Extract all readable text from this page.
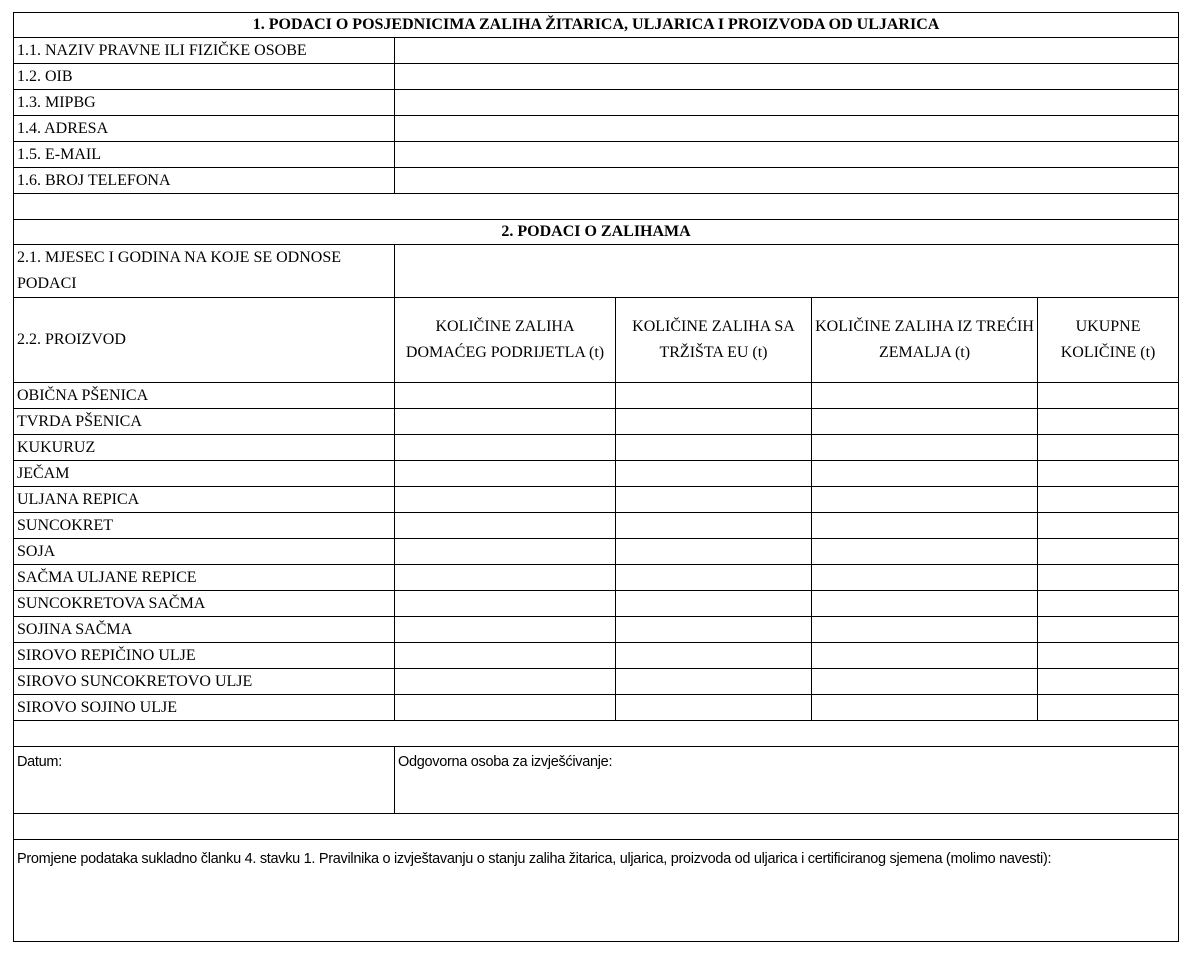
1. PODACI O POSJEDNICIMA ZALIHA ŽITARICA, ULJARICA I PROIZVODA OD ULJARICA				
1.1. NAZIV PRAVNE ILI FIZIČKE OSOBE				
1.2. OIB				
1.3. MIPBG				
1.4. ADRESA				
1.5. E-MAIL				
1.6. BROJ TELEFONA				

2. PODACI O ZALIHAMA				
2.1. MJESEC I GODINA NA KOJE SE ODNOSE PODACI				
2.2. PROIZVOD	KOLIČINE ZALIHA DOMAĆEG PODRIJETLA (t)	KOLIČINE ZALIHA SA TRŽIŠTA EU (t)	KOLIČINE ZALIHA IZ TREĆIH ZEMALJA (t)	UKUPNE KOLIČINE (t)
OBIČNA PŠENICA				
TVRDA PŠENICA				
KUKURUZ				
JEČAM				
ULJANA REPICA				
SUNCOKRET				
SOJA				
SAČMA ULJANE REPICE				
SUNCOKRETOVA SAČMA				
SOJINA SAČMA				
SIROVO REPIČINO ULJE				
SIROVO SUNCOKRETOVO ULJE				
SIROVO SOJINO ULJE				

Datum:	Odgovorna osoba za izvješćivanje:			

Promjene podataka sukladno članku 4. stavku 1. Pravilnika o izvještavanju o stanju zaliha žitarica, uljarica, proizvoda od uljarica i certificiranog sjemena (molimo navesti):				
